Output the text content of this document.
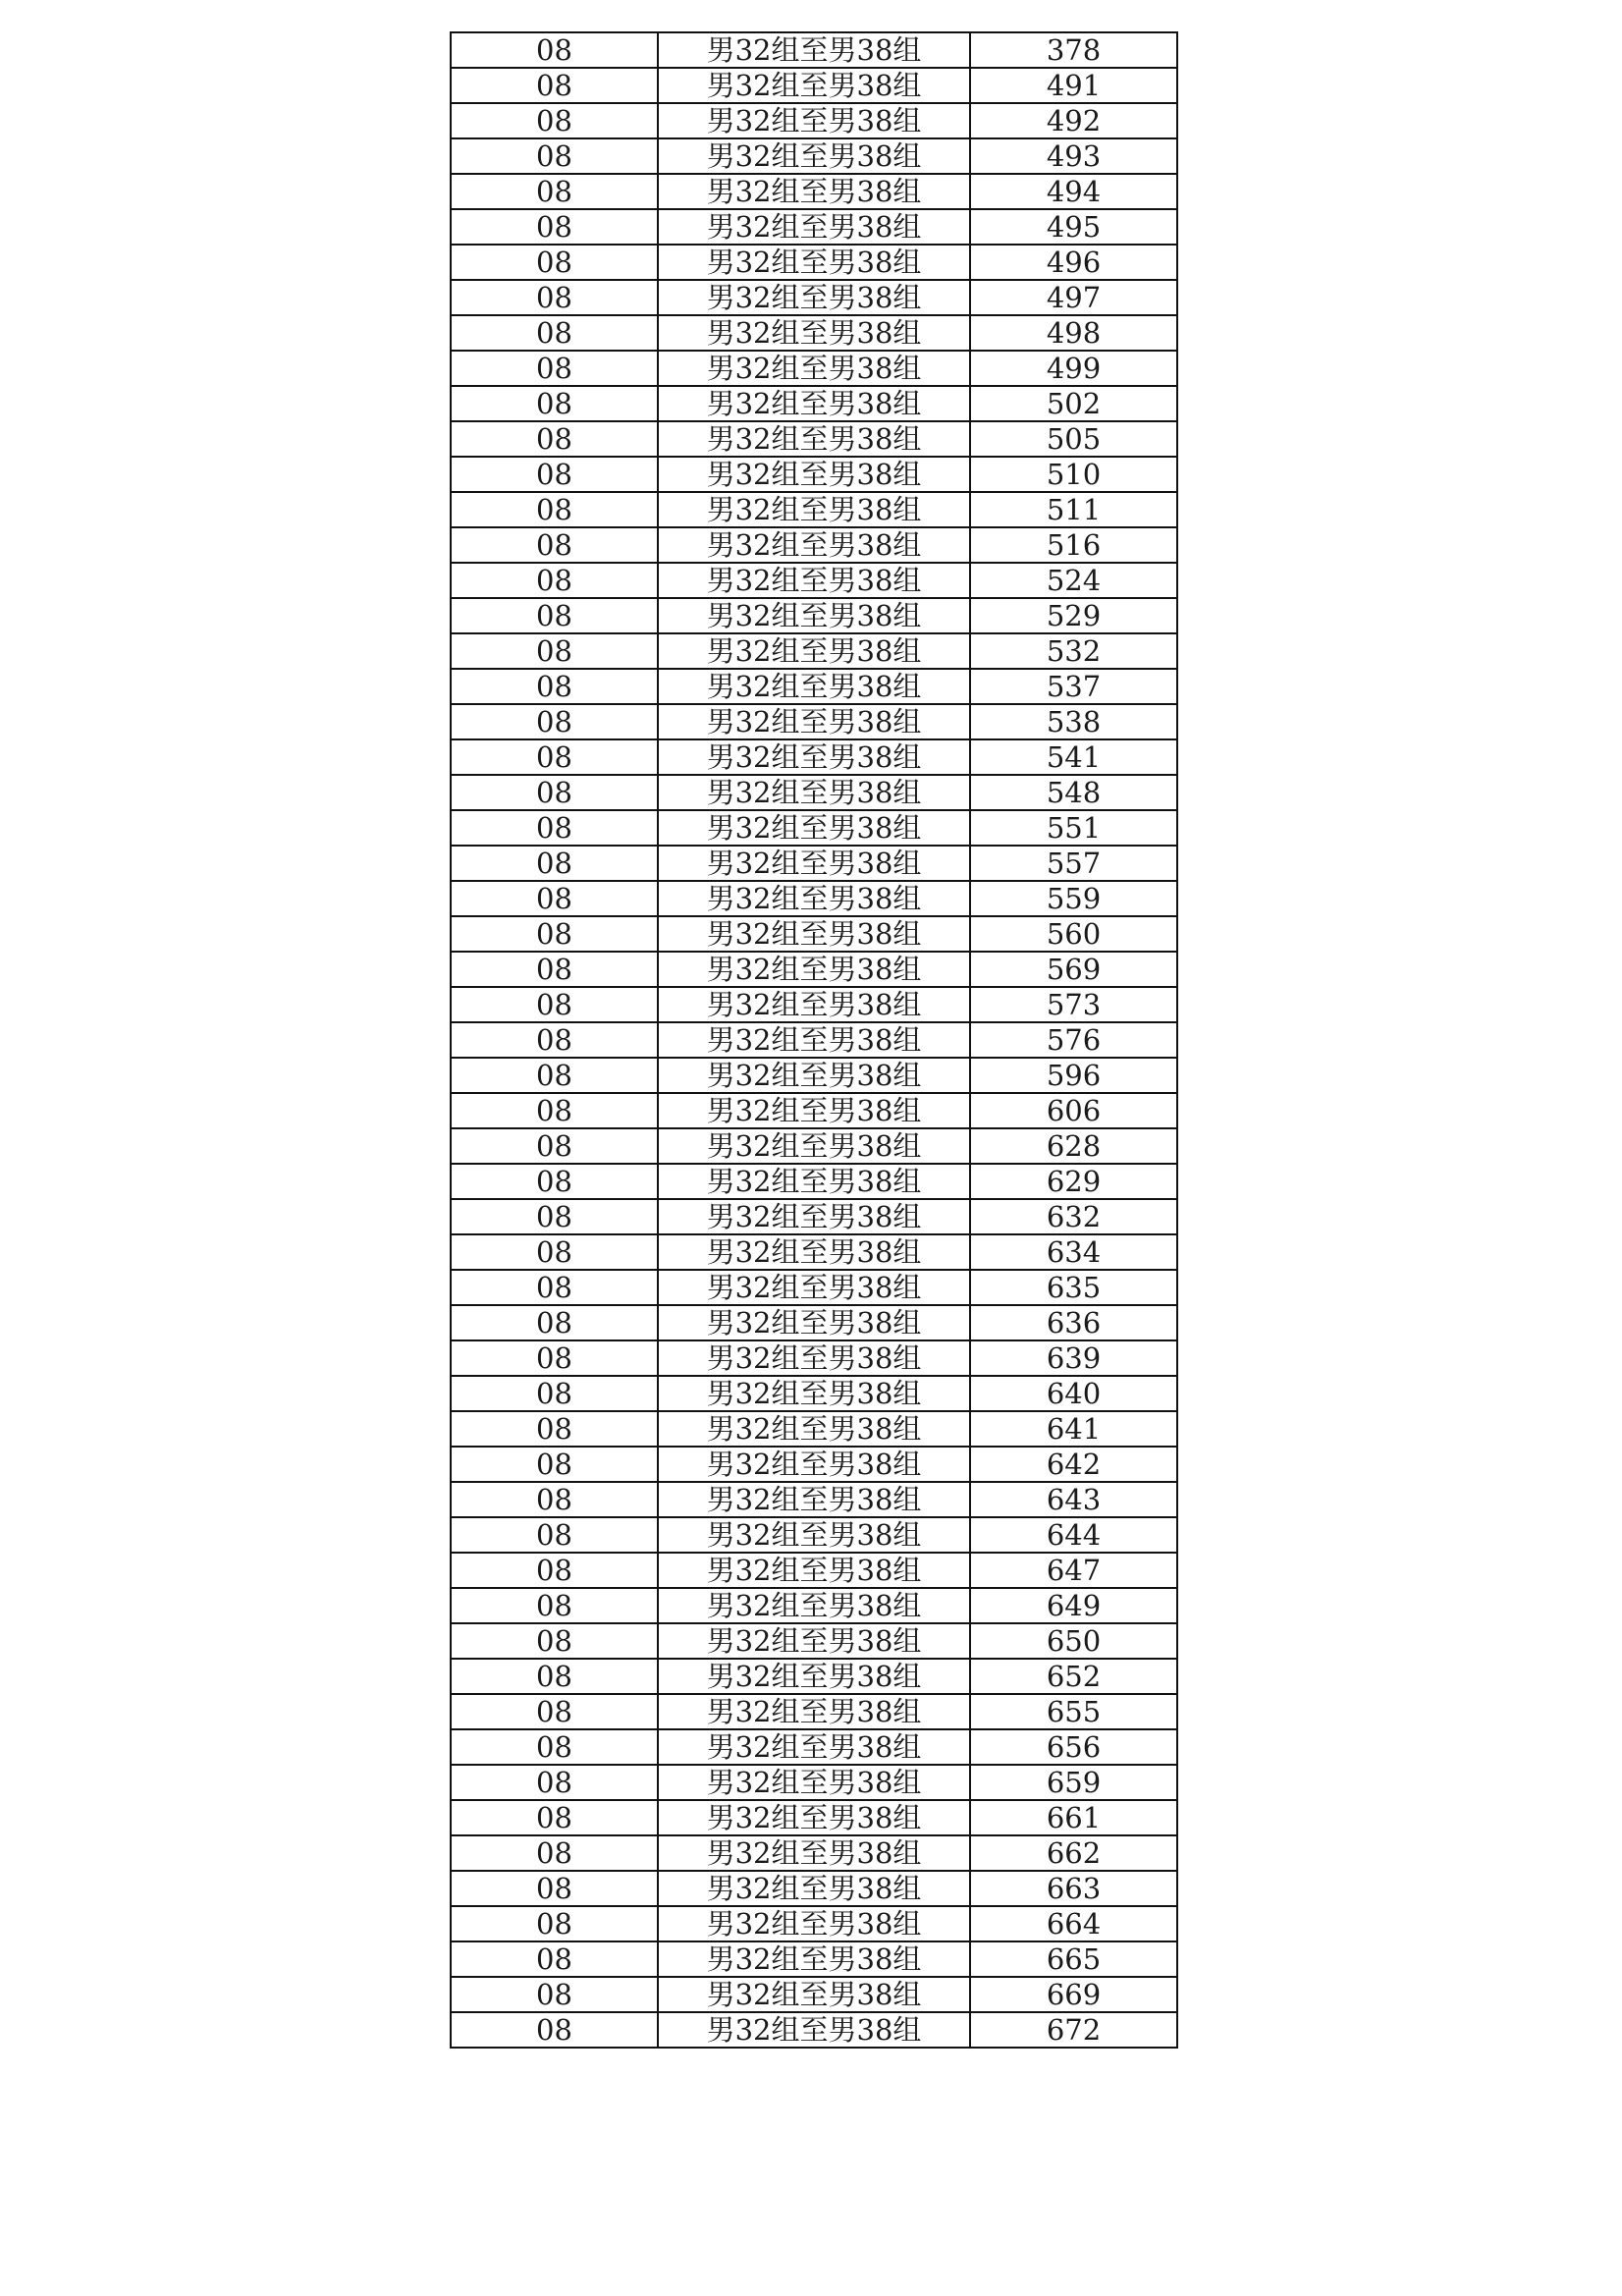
08	男32组至男38组	378
08	男32组至男38组	491
08	男32组至男38组	492
08	男32组至男38组	493
08	男32组至男38组	494
08	男32组至男38组	495
08	男32组至男38组	496
08	男32组至男38组	497
08	男32组至男38组	498
08	男32组至男38组	499
08	男32组至男38组	502
08	男32组至男38组	505
08	男32组至男38组	510
08	男32组至男38组	511
08	男32组至男38组	516
08	男32组至男38组	524
08	男32组至男38组	529
08	男32组至男38组	532
08	男32组至男38组	537
08	男32组至男38组	538
08	男32组至男38组	541
08	男32组至男38组	548
08	男32组至男38组	551
08	男32组至男38组	557
08	男32组至男38组	559
08	男32组至男38组	560
08	男32组至男38组	569
08	男32组至男38组	573
08	男32组至男38组	576
08	男32组至男38组	596
08	男32组至男38组	606
08	男32组至男38组	628
08	男32组至男38组	629
08	男32组至男38组	632
08	男32组至男38组	634
08	男32组至男38组	635
08	男32组至男38组	636
08	男32组至男38组	639
08	男32组至男38组	640
08	男32组至男38组	641
08	男32组至男38组	642
08	男32组至男38组	643
08	男32组至男38组	644
08	男32组至男38组	647
08	男32组至男38组	649
08	男32组至男38组	650
08	男32组至男38组	652
08	男32组至男38组	655
08	男32组至男38组	656
08	男32组至男38组	659
08	男32组至男38组	661
08	男32组至男38组	662
08	男32组至男38组	663
08	男32组至男38组	664
08	男32组至男38组	665
08	男32组至男38组	669
08	男32组至男38组	672
